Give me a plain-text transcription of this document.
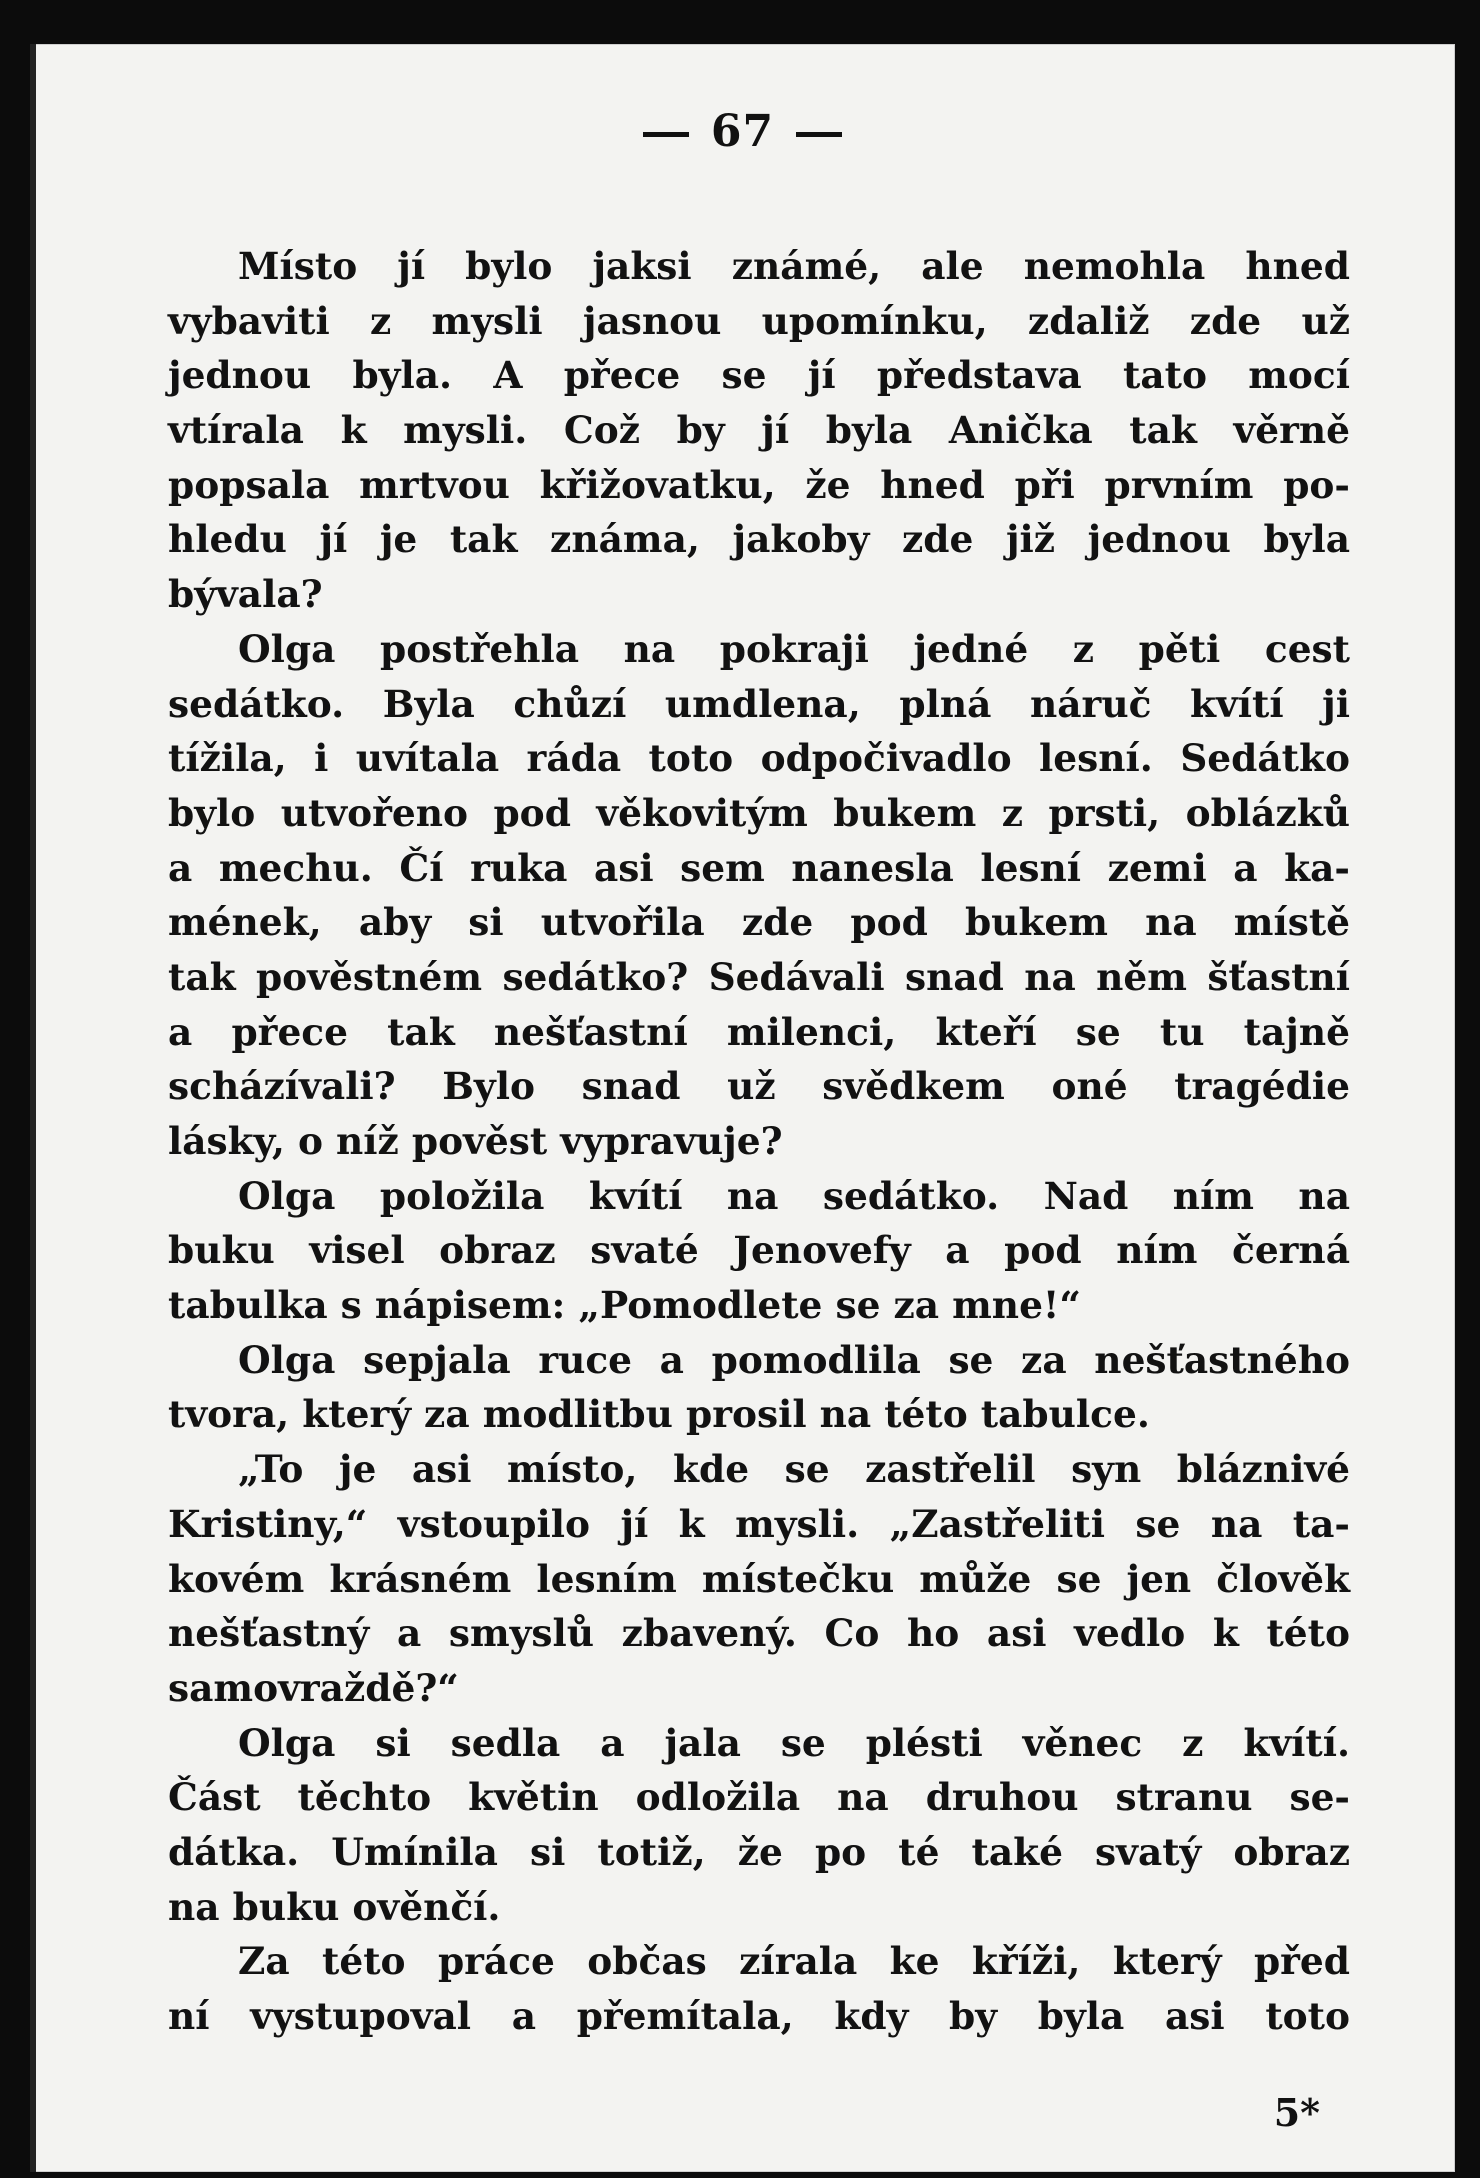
67
Místo jí bylo jaksi známé, ale nemohla hned
vybaviti z mysli jasnou upomínku, zdaliž zde už
jednou byla. A přece se jí představa tato mocí
vtírala k mysli. Což by jí byla Anička tak věrně
popsala mrtvou křižovatku, že hned při prvním po-
hledu jí je tak známa, jakoby zde již jednou byla
bývala?
Olga postřehla na pokraji jedné z pěti cest
sedátko. Byla chůzí umdlena, plná náruč kvítí ji
tížila, i uvítala ráda toto odpočivadlo lesní. Sedátko
bylo utvořeno pod věkovitým bukem z prsti, oblázků
a mechu. Čí ruka asi sem nanesla lesní zemi a ka-
mének, aby si utvořila zde pod bukem na místě
tak pověstném sedátko? Sedávali snad na něm šťastní
a přece tak nešťastní milenci, kteří se tu tajně
scházívali? Bylo snad už svědkem oné tragédie
lásky, o níž pověst vypravuje?
Olga položila kvítí na sedátko. Nad ním na
buku visel obraz svaté Jenovefy a pod ním černá
tabulka s nápisem: „Pomodlete se za mne!“
Olga sepjala ruce a pomodlila se za nešťastného
tvora, který za modlitbu prosil na této tabulce.
„To je asi místo, kde se zastřelil syn bláznivé
Kristiny,“ vstoupilo jí k mysli. „Zastřeliti se na ta-
kovém krásném lesním místečku může se jen člověk
nešťastný a smyslů zbavený. Co ho asi vedlo k této
samovraždě?“
Olga si sedla a jala se plésti věnec z kvítí.
Část těchto květin odložila na druhou stranu se-
dátka. Umínila si totiž, že po té také svatý obraz
na buku ověnčí.
Za této práce občas zírala ke kříži, který před
ní vystupoval a přemítala, kdy by byla asi toto
5*
